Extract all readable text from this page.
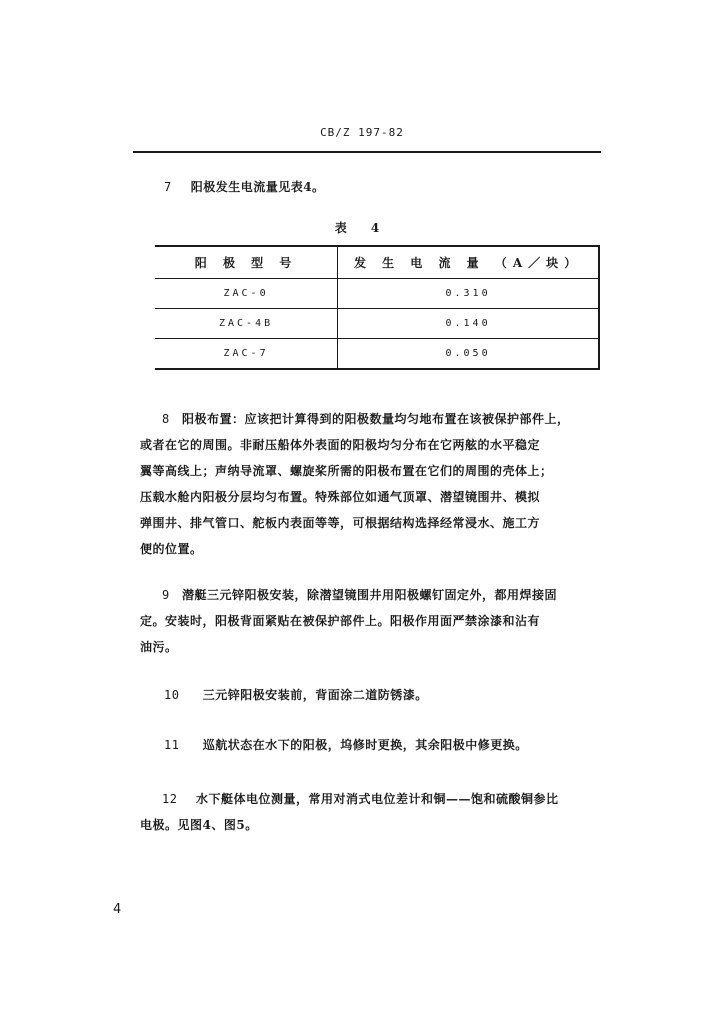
CB/Z 197-82
7 阳极发生电流量见表4。
表 4
阳 极 型 号	发 生 电 流 量 （A／块）
ZAC-0	0.310
ZAC-4B	0.140
ZAC-7	0.050
8 阳极布置：应该把计算得到的阳极数量均匀地布置在该被保护部件上，
或者在它的周围。非耐压船体外表面的阳极均匀分布在它两舷的水平稳定
翼等高线上；声纳导流罩、螺旋桨所需的阳极布置在它们的周围的壳体上；
压载水舱内阳极分层均匀布置。特殊部位如通气顶罩、潜望镜围井、模拟
弹围井、排气管口、舵板内表面等等，可根据结构选择经常浸水、施工方
便的位置。
9 潜艇三元锌阳极安装，除潜望镜围井用阳极螺钉固定外，都用焊接固
定。安装时，阳极背面紧贴在被保护部件上。阳极作用面严禁涂漆和沾有
油污。
10 三元锌阳极安装前，背面涂二道防锈漆。
11 巡航状态在水下的阳极，坞修时更换，其余阳极中修更换。
12 水下艇体电位测量，常用对消式电位差计和铜——饱和硫酸铜参比
电极。见图4、图5。
4
